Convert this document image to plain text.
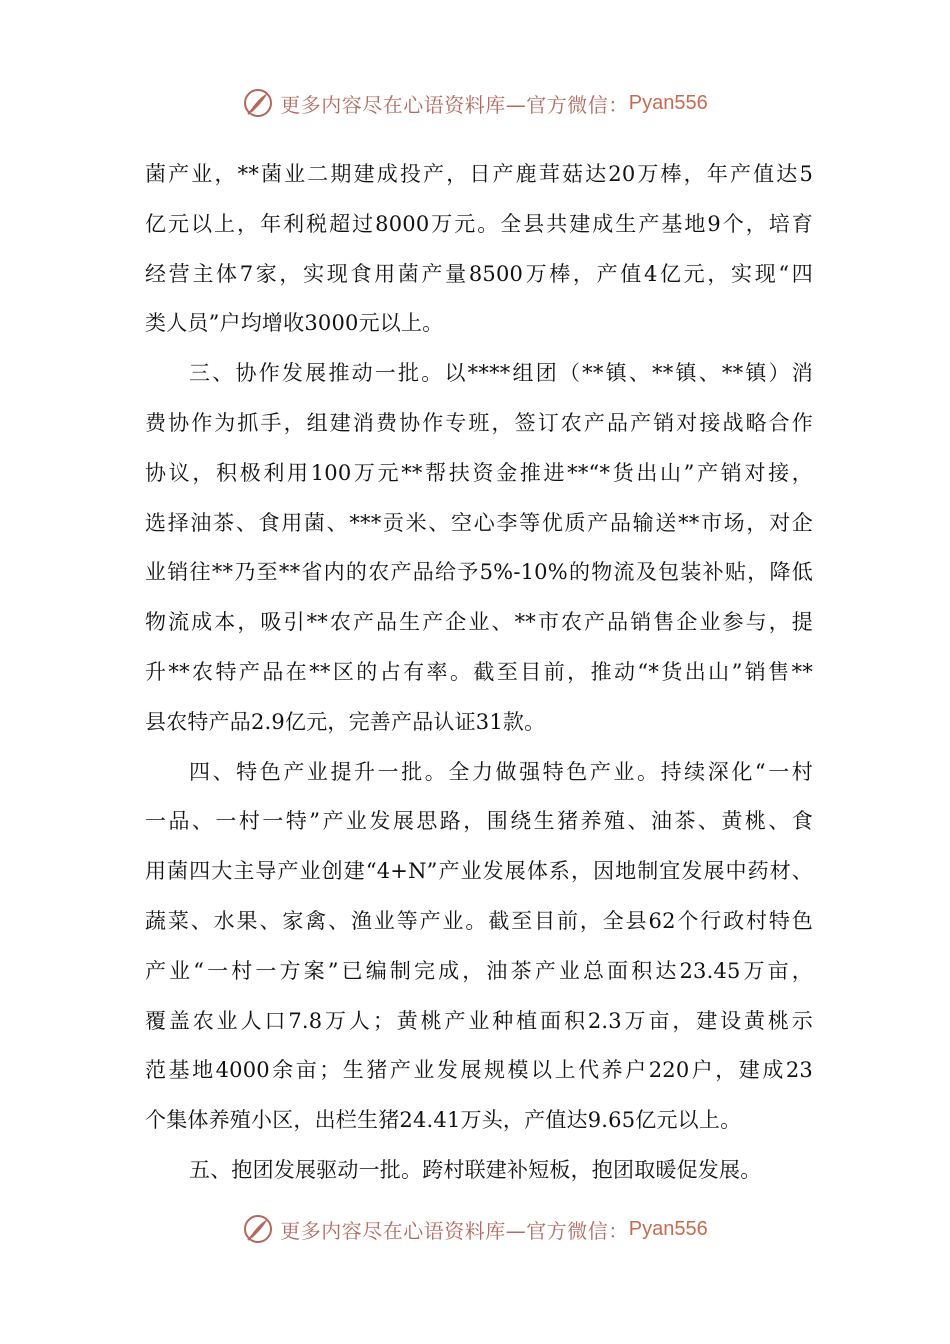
更多内容尽在心语资料库—官方微信： Pyan556
菌产业，**菌业二期建成投产，日产鹿茸菇达20万棒，年产值达5
亿元以上，年利税超过8000万元。全县共建成生产基地9个，培育
经营主体7家，实现食用菌产量8500万棒，产值4亿元，实现“四
类人员”户均增收3000元以上。
三、协作发展推动一批。以****组团（**镇、**镇、**镇）消
费协作为抓手，组建消费协作专班，签订农产品产销对接战略合作
协议，积极利用100万元**帮扶资金推进**“*货出山”产销对接，
选择油茶、食用菌、***贡米、空心李等优质产品输送**市场，对企
业销往**乃至**省内的农产品给予5%-10%的物流及包装补贴，降低
物流成本，吸引**农产品生产企业、**市农产品销售企业参与，提
升**农特产品在**区的占有率。截至目前，推动“*货出山”销售**
县农特产品2.9亿元，完善产品认证31款。
四、特色产业提升一批。全力做强特色产业。持续深化“一村
一品、一村一特”产业发展思路，围绕生猪养殖、油茶、黄桃、食
用菌四大主导产业创建“4+N”产业发展体系，因地制宜发展中药材、
蔬菜、水果、家禽、渔业等产业。截至目前，全县62个行政村特色
产业“一村一方案”已编制完成，油茶产业总面积达23.45万亩，
覆盖农业人口7.8万人；黄桃产业种植面积2.3万亩，建设黄桃示
范基地4000余亩；生猪产业发展规模以上代养户220户，建成23
个集体养殖小区，出栏生猪24.41万头，产值达9.65亿元以上。
五、抱团发展驱动一批。跨村联建补短板，抱团取暖促发展。
更多内容尽在心语资料库—官方微信： Pyan556
